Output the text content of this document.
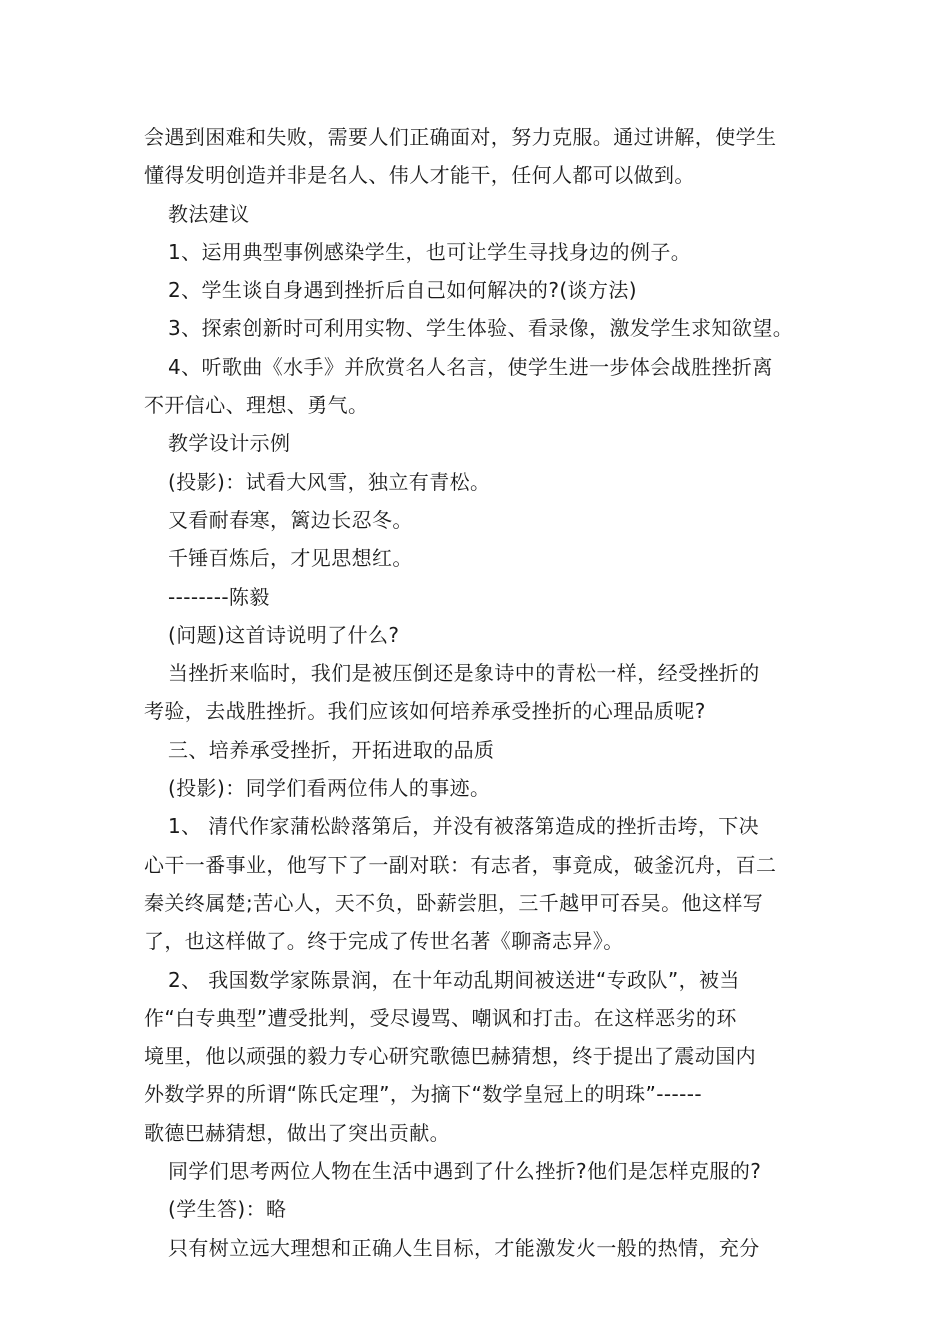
会遇到困难和失败，需要人们正确面对，努力克服。通过讲解，使学生
懂得发明创造并非是名人、伟人才能干，任何人都可以做到。
教法建议
1、运用典型事例感染学生，也可让学生寻找身边的例子。
2、学生谈自身遇到挫折后自己如何解决的?(谈方法)
3、探索创新时可利用实物、学生体验、看录像，激发学生求知欲望。
4、听歌曲《水手》并欣赏名人名言，使学生进一步体会战胜挫折离
不开信心、理想、勇气。
教学设计示例
(投影)：试看大风雪，独立有青松。
又看耐春寒，篱边长忍冬。
千锤百炼后，才见思想红。
--------陈毅
(问题)这首诗说明了什么?
当挫折来临时，我们是被压倒还是象诗中的青松一样，经受挫折的
考验，去战胜挫折。我们应该如何培养承受挫折的心理品质呢?
三、培养承受挫折，开拓进取的品质
(投影)：同学们看两位伟人的事迹。
1、 清代作家蒲松龄落第后，并没有被落第造成的挫折击垮，下决
心干一番事业，他写下了一副对联：有志者，事竟成，破釜沉舟，百二
秦关终属楚;苦心人，天不负，卧薪尝胆，三千越甲可吞吴。他这样写
了，也这样做了。终于完成了传世名著《聊斋志异》。
2、 我国数学家陈景润，在十年动乱期间被送进“专政队”，被当
作“白专典型”遭受批判，受尽谩骂、嘲讽和打击。在这样恶劣的环
境里，他以顽强的毅力专心研究歌德巴赫猜想，终于提出了震动国内
外数学界的所谓“陈氏定理”，为摘下“数学皇冠上的明珠”------
歌德巴赫猜想，做出了突出贡献。
同学们思考两位人物在生活中遇到了什么挫折?他们是怎样克服的?
(学生答)：略
只有树立远大理想和正确人生目标，才能激发火一般的热情，充分
